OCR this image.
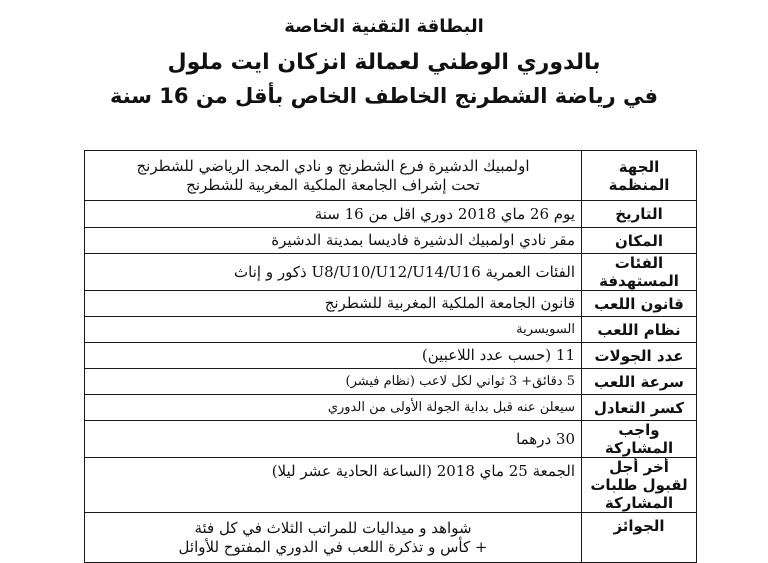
البطاقة التقنية الخاصة
بالدوري الوطني لعمالة انزكان ايت ملول
في رياضة الشطرنج الخاطف الخاص بأقل من 16 سنة
الجهة المنظمة	اولمبيك الدشيرة فرع الشطرنج و نادي المجد الرياضي للشطرنج
تحت إشراف الجامعة الملكية المغربية للشطرنج

التاريخ	يوم 26 ماي 2018 دوري اقل من 16 سنة

المكان	مقر نادي اولمبيك الدشيرة فاديسا بمدينة الدشيرة

الفئات المستهدفة	الفئات العمرية U8/U10/U12/U14/U16 ذكور و إناث

قانون اللعب	قانون الجامعة الملكية المغربية للشطرنج

نظام اللعب	السويسرية

عدد الجولات	11 (حسب عدد اللاعبين)

سرعة اللعب	5 دقائق+ 3 ثواني لكل لاعب (نظام فيشر)

كسر التعادل	سيعلن عنه قبل بداية الجولة الأولى من الدوري

واجب المشاركة	30 درهما

أخر أجل لقبول طلبات المشاركة	الجمعة 25 ماي 2018 (الساعة الحادية عشر ليلا)

الجوائز	شواهد و ميداليات للمراتب الثلاث في كل فئة
+ كأس و تذكرة اللعب في الدوري المفتوح للأوائل
